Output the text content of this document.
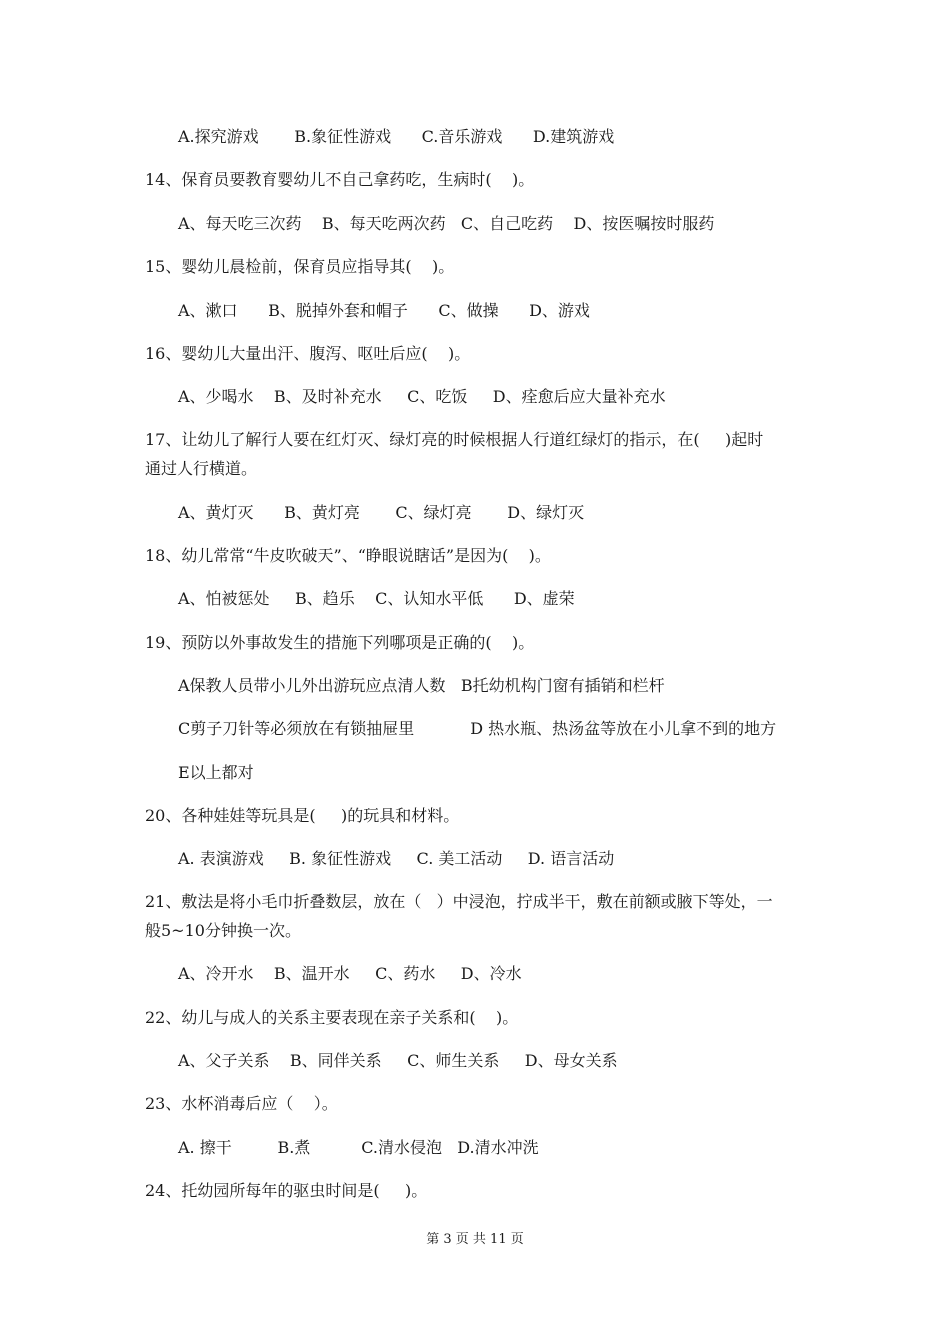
A.探究游戏       B.象征性游戏      C.音乐游戏      D.建筑游戏
14、保育员要教育婴幼儿不自己拿药吃，生病时(    )。
A、每天吃三次药    B、每天吃两次药   C、自己吃药    D、按医嘱按时服药
15、婴幼儿晨检前，保育员应指导其(    )。
A、漱口      B、脱掉外套和帽子      C、做操      D、游戏
16、婴幼儿大量出汗、腹泻、呕吐后应(    )。
A、少喝水    B、及时补充水     C、吃饭     D、痊愈后应大量补充水
17、让幼儿了解行人要在红灯灭、绿灯亮的时候根据人行道红绿灯的指示，在(     )起时
通过人行横道。
A、黄灯灭      B、黄灯亮       C、绿灯亮       D、绿灯灭
18、幼儿常常“牛皮吹破天”、“睁眼说瞎话”是因为(    )。
A、怕被惩处     B、趋乐    C、认知水平低      D、虚荣
19、预防以外事故发生的措施下列哪项是正确的(    )。
A保教人员带小儿外出游玩应点清人数   B托幼机构门窗有插销和栏杆
C剪子刀针等必须放在有锁抽屉里           D 热水瓶、热汤盆等放在小儿拿不到的地方
E以上都对
20、各种娃娃等玩具是(     )的玩具和材料。
A. 表演游戏     B. 象征性游戏     C. 美工活动     D. 语言活动
21、敷法是将小毛巾折叠数层，放在（   ）中浸泡，拧成半干，敷在前额或腋下等处，一
般5~10分钟换一次。
A、冷开水    B、温开水     C、药水     D、冷水
22、幼儿与成人的关系主要表现在亲子关系和(    )。
A、父子关系    B、同伴关系     C、师生关系     D、母女关系
23、水杯消毒后应（    ）。
A. 擦干         B.煮          C.清水侵泡   D.清水冲洗
24、托幼园所每年的驱虫时间是(     )。
第 3 页 共 11 页
